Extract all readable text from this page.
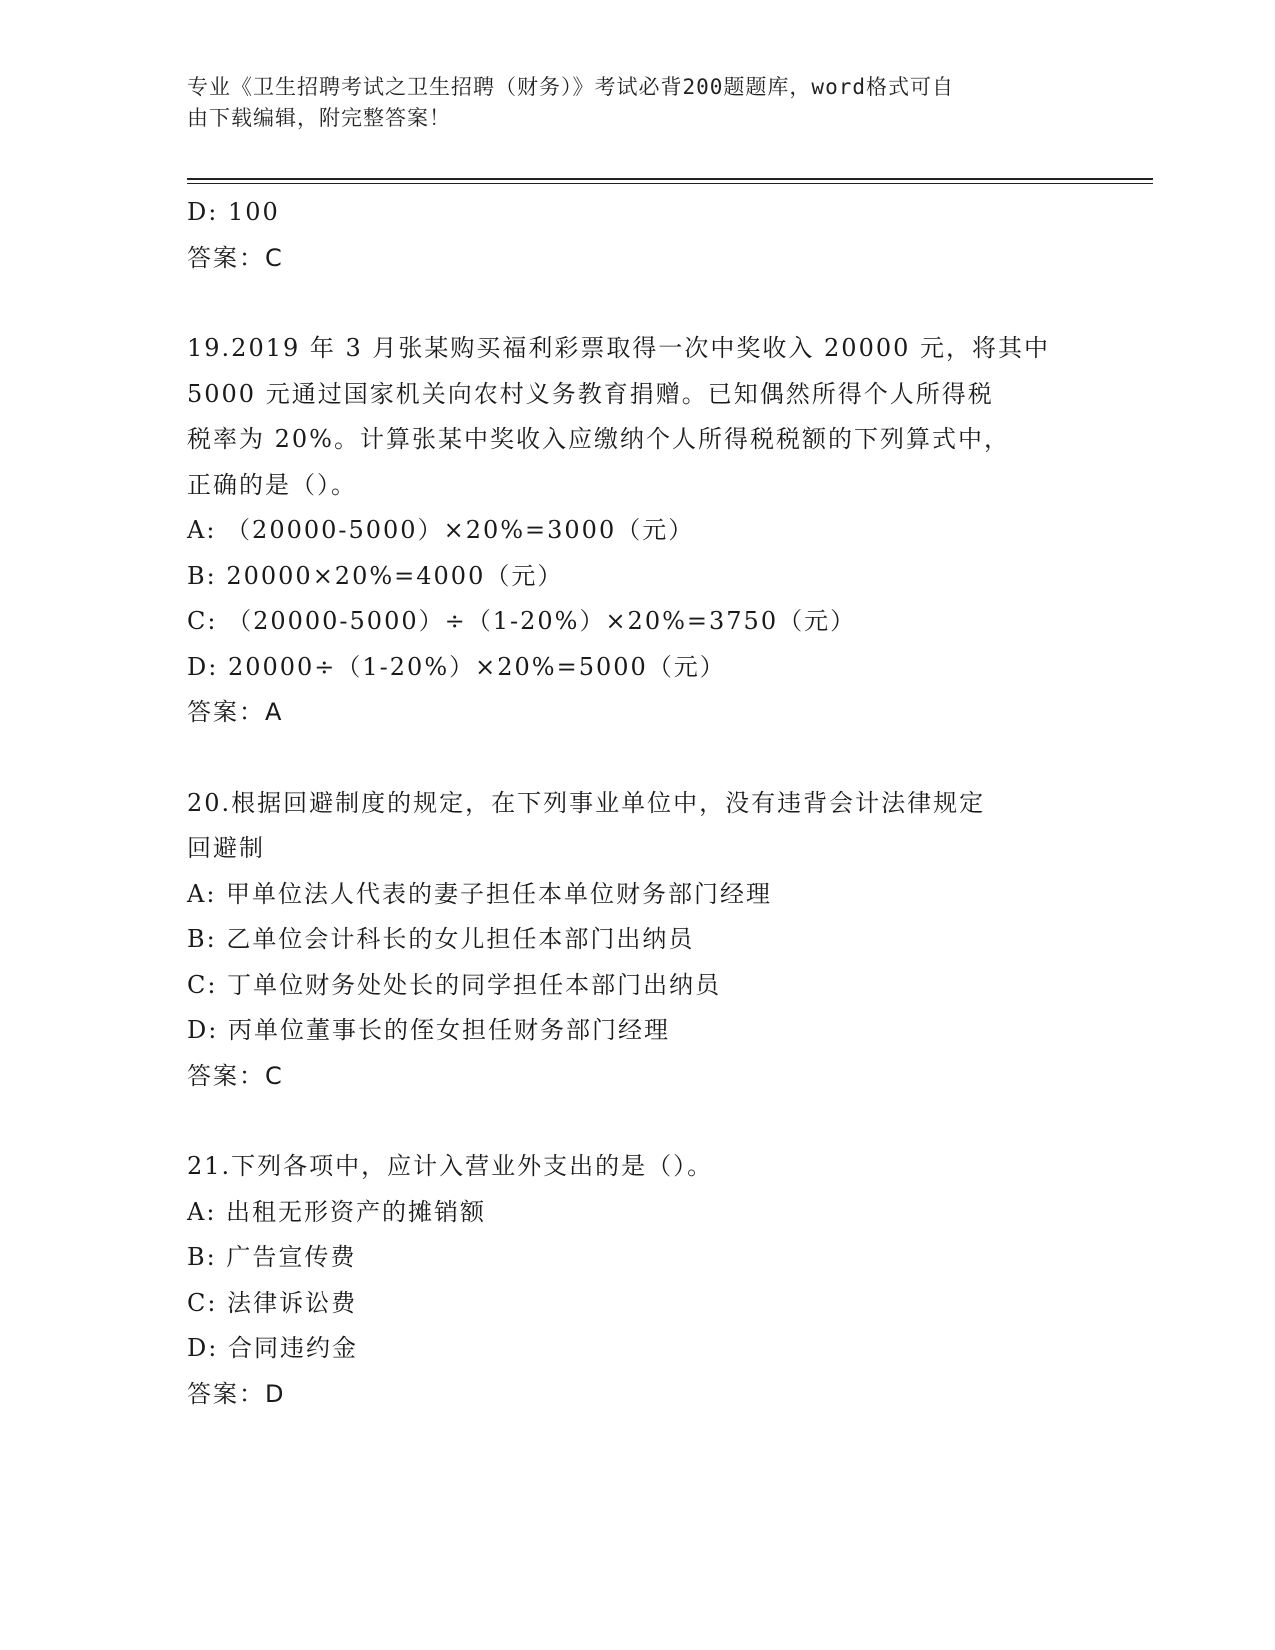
专业《卫生招聘考试之卫生招聘（财务）》考试必背200题题库，word格式可自
由下载编辑，附完整答案！
D: 100
答案：C
19.2019 年 3 月张某购买福利彩票取得一次中奖收入 20000 元，将其中
5000 元通过国家机关向农村义务教育捐赠。已知偶然所得个人所得税
税率为 20%。计算张某中奖收入应缴纳个人所得税税额的下列算式中，
正确的是（）。
A: （20000-5000）×20%=3000（元）
B: 20000×20%=4000（元）
C: （20000-5000）÷（1-20%）×20%=3750（元）
D: 20000÷（1-20%）×20%=5000（元）
答案：A
20.根据回避制度的规定，在下列事业单位中，没有违背会计法律规定
回避制
A: 甲单位法人代表的妻子担任本单位财务部门经理
B: 乙单位会计科长的女儿担任本部门出纳员
C: 丁单位财务处处长的同学担任本部门出纳员
D: 丙单位董事长的侄女担任财务部门经理
答案：C
21.下列各项中，应计入营业外支出的是（）。
A: 出租无形资产的摊销额
B: 广告宣传费
C: 法律诉讼费
D: 合同违约金
答案：D
